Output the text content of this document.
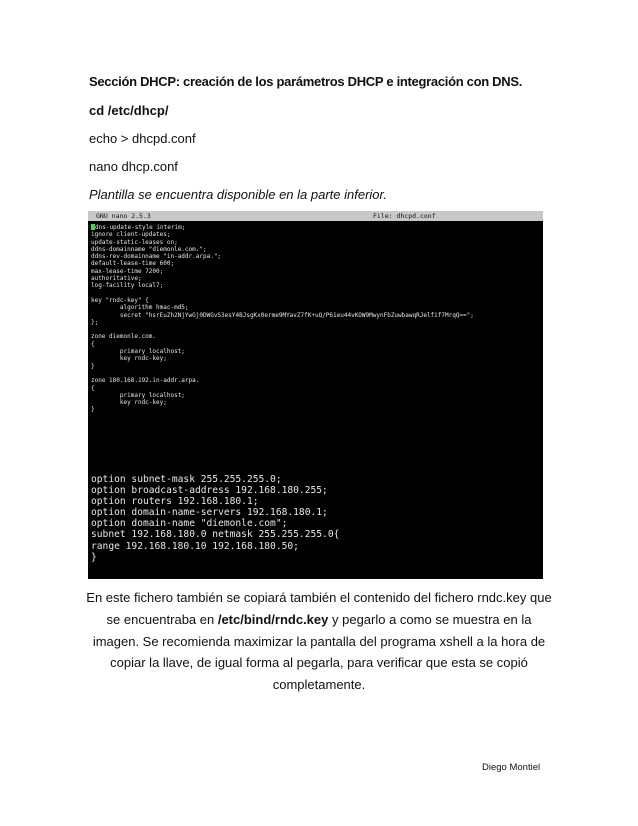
Sección DHCP: creación de los parámetros DHCP e integración con DNS.
cd /etc/dhcp/
echo > dhcpd.conf
nano dhcp.conf
Plantilla se encuentra disponible en la parte inferior.
GNU nano 2.5.3	File: dhcpd.conf
dns-update-style interim;
ignore client-updates;
update-static-leases on;
ddns-domainname "diemonle.com.";
ddns-rev-domainname "in-addr.arpa.";
default-lease-time 600;
max-lease-time 7200;
authoritative;
log-facility local7;
key "rndc-key" {
algorithm hmac-md5;
secret "hsrEuZh2NjYwGj0DWGvS3esY4BJsgKx0erme9MYavZ7fK+uQ/P61eu44vKOW9MwynFbZuwbawqRJelfif7MrqQ==";
};
zone diemonle.com.
{
primary localhost;
key rndc-key;
}
zone 180.168.192.in-addr.arpa.
{
primary localhost;
key rndc-key;
}
option subnet-mask 255.255.255.0;
option broadcast-address 192.168.180.255;
option routers 192.168.180.1;
option domain-name-servers 192.168.180.1;
option domain-name "diemonle.com";
subnet 192.168.180.0 netmask 255.255.255.0{
range 192.168.180.10 192.168.180.50;
}
En este fichero también se copiará también el contenido del fichero rndc.key que se encuentraba en /etc/bind/rndc.key y pegarlo a como se muestra en la imagen. Se recomienda maximizar la pantalla del programa xshell a la hora de copiar la llave, de igual forma al pegarla, para verificar que esta se copió completamente.
Diego Montiel
